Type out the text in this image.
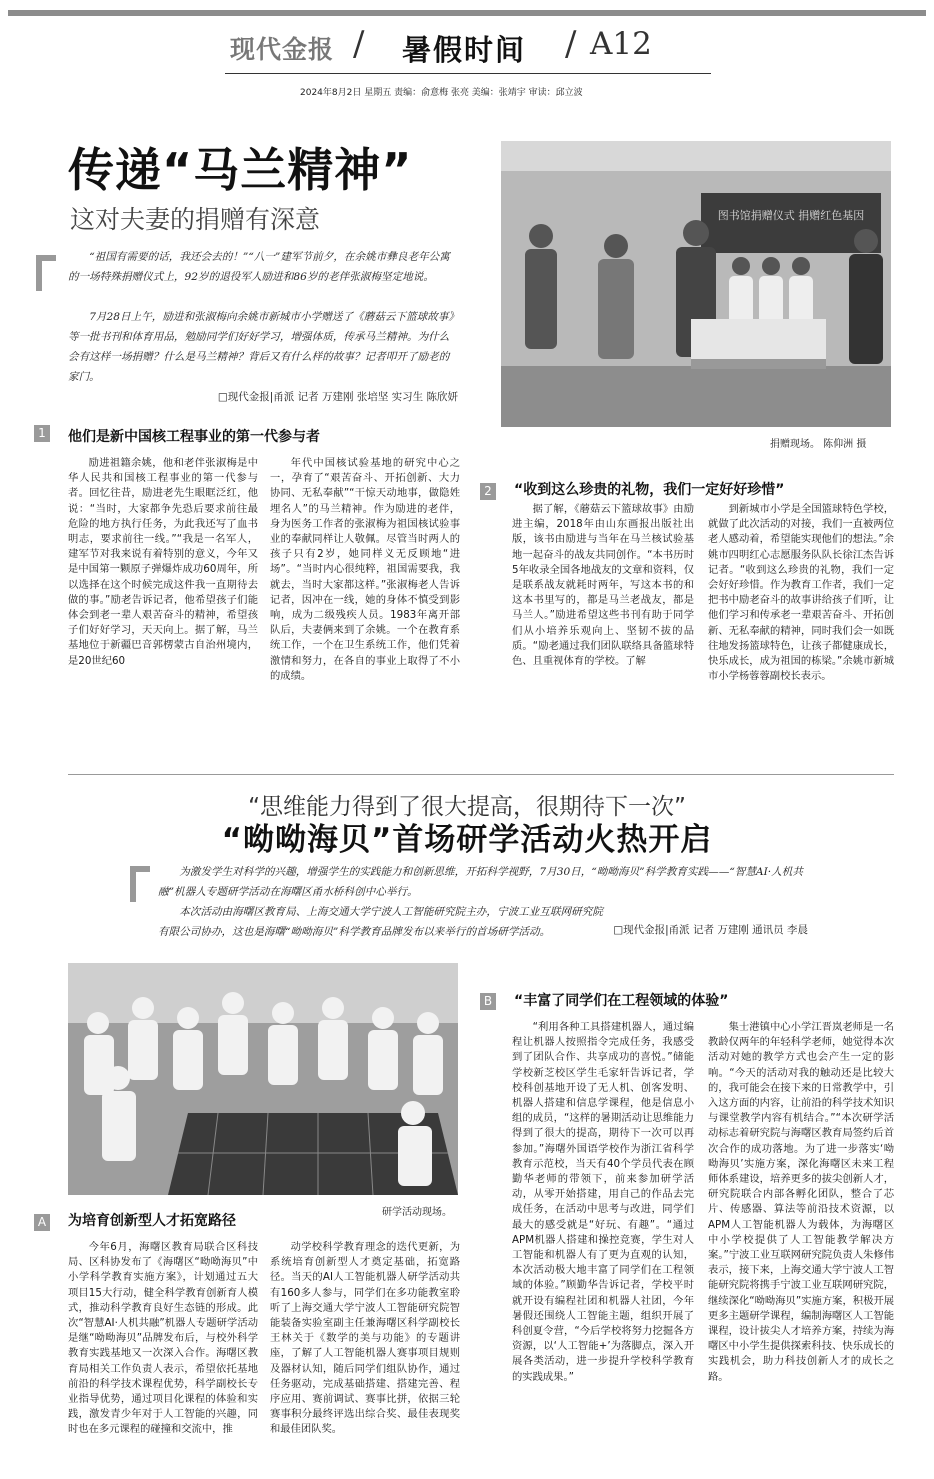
现代金报 / 暑假时间 / A12
2024年8月2日 星期五 责编：俞意梅 张亮 美编：张靖宇 审读：邱立波
传递“马兰精神”
这对夫妻的捐赠有深意
“祖国有需要的话，我还会去的！”“八一”建军节前夕，在余姚市彝良老年公寓的一场特殊捐赠仪式上，92岁的退役军人励进和86岁的老伴张淑梅坚定地说。
7月28日上午，励进和张淑梅向余姚市新城市小学赠送了《蘑菇云下篮球故事》等一批书刊和体育用品，勉励同学们好好学习，增强体质，传承马兰精神。为什么会有这样一场捐赠？什么是马兰精神？背后又有什么样的故事？记者叩开了励老的家门。
□现代金报|甬派 记者 万建刚 张培坚 实习生 陈欣妍
图书馆捐赠仪式 捐赠红色基因
捐赠现场。 陈仰洲 摄
1 他们是新中国核工程事业的第一代参与者
励进祖籍余姚，他和老伴张淑梅是中华人民共和国核工程事业的第一代参与者。回忆往昔，励进老先生眼眶泛红，他说：“当时，大家都争先恐后要求前往最危险的地方执行任务，为此我还写了血书明志，要求前往一线。”“我是一名军人，建军节对我来说有着特别的意义，今年又是中国第一颗原子弹爆炸成功60周年，所以选择在这个时候完成这件我一直期待去做的事。”励老告诉记者，他希望孩子们能体会到老一辈人艰苦奋斗的精神，希望孩子们好好学习，天天向上。据了解，马兰基地位于新疆巴音郭楞蒙古自治州境内，是20世纪60
年代中国核试验基地的研究中心之一，孕育了“艰苦奋斗、开拓创新、大力协同、无私奉献”“干惊天动地事，做隐姓埋名人”的马兰精神。作为励进的老伴，身为医务工作者的张淑梅为祖国核试验事业的奉献同样让人敬佩。尽管当时两人的孩子只有2岁，她同样义无反顾地“进场”。“当时内心很纯粹，祖国需要我，我就去，当时大家都这样。”张淑梅老人告诉记者，因冲在一线，她的身体不慎受到影响，成为二级残疾人员。1983年离开部队后，夫妻俩来到了余姚。一个在教育系统工作，一个在卫生系统工作，他们凭着激情和努力，在各自的事业上取得了不小的成绩。
2 “收到这么珍贵的礼物，我们一定好好珍惜”
据了解，《蘑菇云下篮球故事》由励进主编，2018年由山东画报出版社出版，该书由励进与当年在马兰核试验基地一起奋斗的战友共同创作。“本书历时5年收录全国各地战友的文章和资料，仅是联系战友就耗时两年，写这本书的和这本书里写的，都是马兰老战友，都是马兰人。”励进希望这些书刊有助于同学们从小培养乐观向上、坚韧不拔的品质。“励老通过我们团队联络具备篮球特色、且重视体育的学校。了解
到新城市小学是全国篮球特色学校，就做了此次活动的对接，我们一直被两位老人感动着，希望能实现他们的想法。”余姚市四明红心志愿服务队队长徐江杰告诉记者。“收到这么珍贵的礼物，我们一定会好好珍惜。作为教育工作者，我们一定把书中励老奋斗的故事讲给孩子们听，让他们学习和传承老一辈艰苦奋斗、开拓创新、无私奉献的精神，同时我们会一如既往地发扬篮球特色，让孩子都健康成长，快乐成长，成为祖国的栋梁。”余姚市新城市小学杨蓉蓉副校长表示。
“思维能力得到了很大提高，很期待下一次”
“呦呦海贝”首场研学活动火热开启
为激发学生对科学的兴趣，增强学生的实践能力和创新思维，开拓科学视野，7月30日，“呦呦海贝”科学教育实践——“智慧AI·人机共融”机器人专题研学活动在海曙区甬水桥科创中心举行。
本次活动由海曙区教育局、上海交通大学宁波人工智能研究院主办，宁波工业互联网研究院有限公司协办，这也是海曙“呦呦海贝”科学教育品牌发布以来举行的首场研学活动。	□现代金报|甬派 记者 万建刚 通讯员 李晨
研学活动现场。
A 为培育创新型人才拓宽路径
今年6月，海曙区教育局联合区科技局、区科协发布了《海曙区“呦呦海贝”中小学科学教育实施方案》，计划通过五大项目15大行动，健全科学教育创新育人模式，推动科学教育良好生态链的形成。此次“智慧AI·人机共融”机器人专题研学活动是继“呦呦海贝”品牌发布后，与校外科学教育实践基地又一次深入合作。海曙区教育局相关工作负责人表示，希望依托基地前沿的科学技术课程优势，科学副校长专业指导优势，通过项目化课程的体验和实践，激发青少年对于人工智能的兴趣，同时也在多元课程的碰撞和交流中，推
动学校科学教育理念的迭代更新，为系统培育创新型人才奠定基础，拓宽路径。当天的AI人工智能机器人研学活动共有160多人参与，同学们在多功能教室聆听了上海交通大学宁波人工智能研究院智能装备实验室副主任兼海曙区科学副校长王林关于《数学的美与功能》的专题讲座，了解了人工智能机器人赛事项目规则及器材认知，随后同学们组队协作，通过任务驱动，完成基础搭建、搭建完善、程序应用、赛前调试、赛事比拼，依据三轮赛事积分最终评选出综合奖、最佳表现奖和最佳团队奖。
B “丰富了同学们在工程领域的体验”
“利用各种工具搭建机器人，通过编程让机器人按照指令完成任务，我感受到了团队合作、共享成功的喜悦。”储能学校新芝校区学生毛家轩告诉记者，学校科创基地开设了无人机、创客发明、机器人搭建和信息学课程，他是信息小组的成员，“这样的暑期活动让思维能力得到了很大的提高，期待下一次可以再参加。”海曙外国语学校作为浙江省科学教育示范校，当天有40个学员代表在顾勤华老师的带领下，前来参加研学活动，从零开始搭建，用自己的作品去完成任务，在活动中思考与改进，同学们最大的感受就是“好玩、有趣”。“通过APM机器人搭建和操控竞赛，学生对人工智能和机器人有了更为直观的认知，本次活动极大地丰富了同学们在工程领域的体验。”顾勤华告诉记者，学校平时就开设有编程社团和机器人社团，今年暑假还围绕人工智能主题，组织开展了科创夏令营，“今后学校将努力挖掘各方资源，以‘人工智能+’为落脚点，深入开展各类活动，进一步提升学校科学教育的实践成果。”
集士港镇中心小学江晋岚老师是一名教龄仅两年的年轻科学老师，她觉得本次活动对她的教学方式也会产生一定的影响。“今天的活动对我的触动还是比较大的，我可能会在接下来的日常教学中，引入这方面的内容，让前沿的科学技术知识与课堂教学内容有机结合。”“本次研学活动标志着研究院与海曙区教育局签约后首次合作的成功落地。为了进一步落实‘呦呦海贝’实施方案，深化海曙区未来工程师体系建设，培养更多的拔尖创新人才，研究院联合内部各孵化团队，整合了芯片、传感器、算法等前沿技术资源，以APM人工智能机器人为载体，为海曙区中小学校提供了人工智能教学解决方案。”宁波工业互联网研究院负责人朱修伟表示，接下来，上海交通大学宁波人工智能研究院将携手宁波工业互联网研究院，继续深化“呦呦海贝”实施方案，积极开展更多主题研学课程，编制海曙区人工智能课程，设计拔尖人才培养方案，持续为海曙区中小学生提供探索科技、快乐成长的实践机会，助力科技创新人才的成长之路。
